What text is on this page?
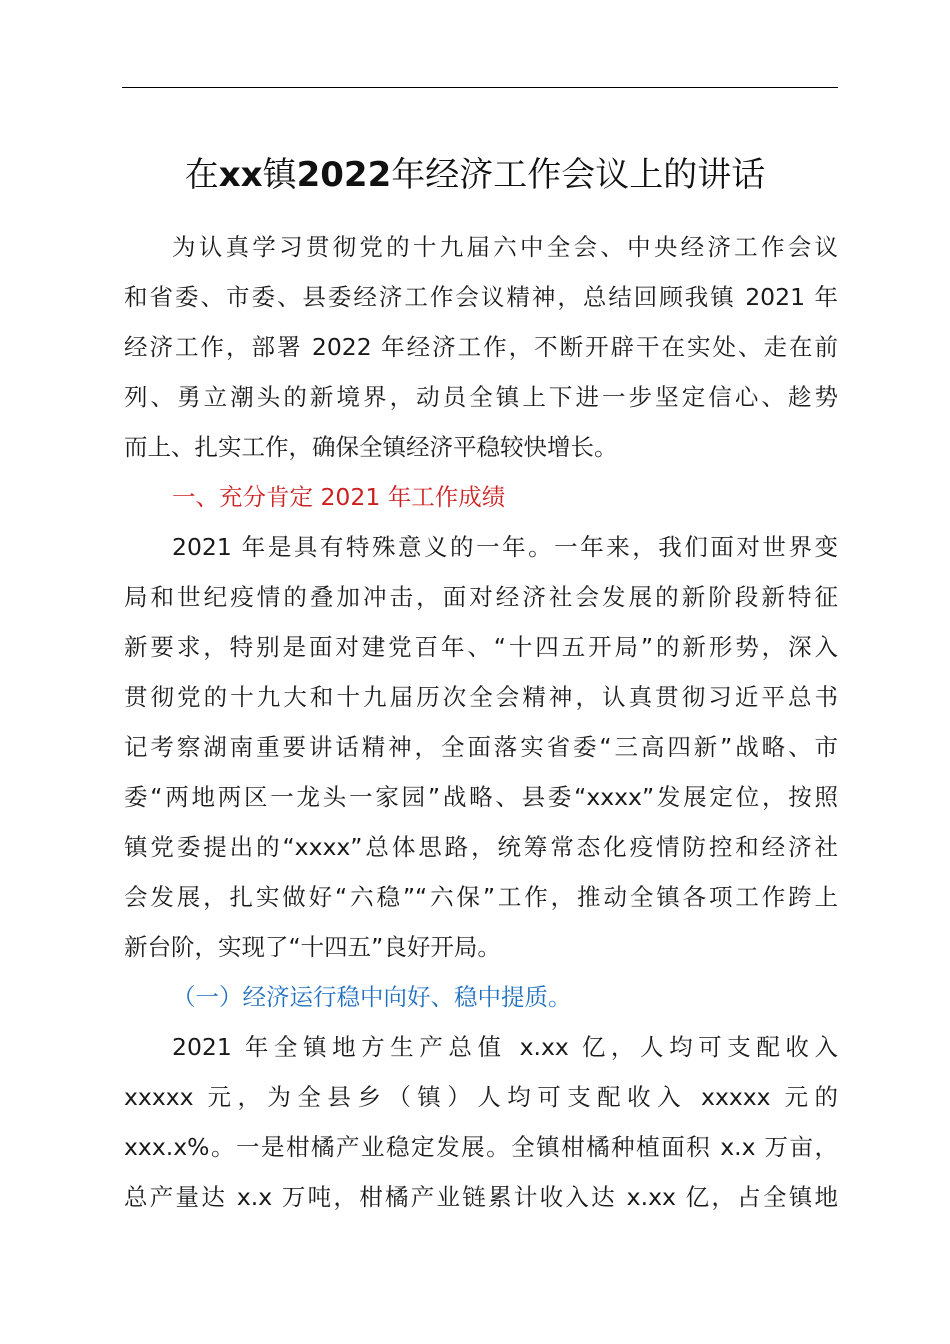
在xx镇2022年经济工作会议上的讲话
为认真学习贯彻党的十九届六中全会、中央经济工作会议
和省委、市委、县委经济工作会议精神，总结回顾我镇 2021 年
经济工作，部署 2022 年经济工作，不断开辟干在实处、走在前
列、勇立潮头的新境界，动员全镇上下进一步坚定信心、趁势
而上、扎实工作，确保全镇经济平稳较快增长。
一、充分肯定 2021 年工作成绩
2021 年是具有特殊意义的一年。一年来，我们面对世界变
局和世纪疫情的叠加冲击，面对经济社会发展的新阶段新特征
新要求，特别是面对建党百年、“十四五开局”的新形势，深入
贯彻党的十九大和十九届历次全会精神，认真贯彻习近平总书
记考察湖南重要讲话精神，全面落实省委“三高四新”战略、市
委“两地两区一龙头一家园”战略、县委“xxxx”发展定位，按照
镇党委提出的“xxxx”总体思路，统筹常态化疫情防控和经济社
会发展，扎实做好“六稳”“六保”工作，推动全镇各项工作跨上
新台阶，实现了“十四五”良好开局。
（一）经济运行稳中向好、稳中提质。
2021 年全镇地方生产总值 x.xx 亿，人均可支配收入
xxxxx 元，为全县乡（镇）人均可支配收入 xxxxx 元的
xxx.x%。一是柑橘产业稳定发展。全镇柑橘种植面积 x.x 万亩，
总产量达 x.x 万吨，柑橘产业链累计收入达 x.xx 亿，占全镇地
